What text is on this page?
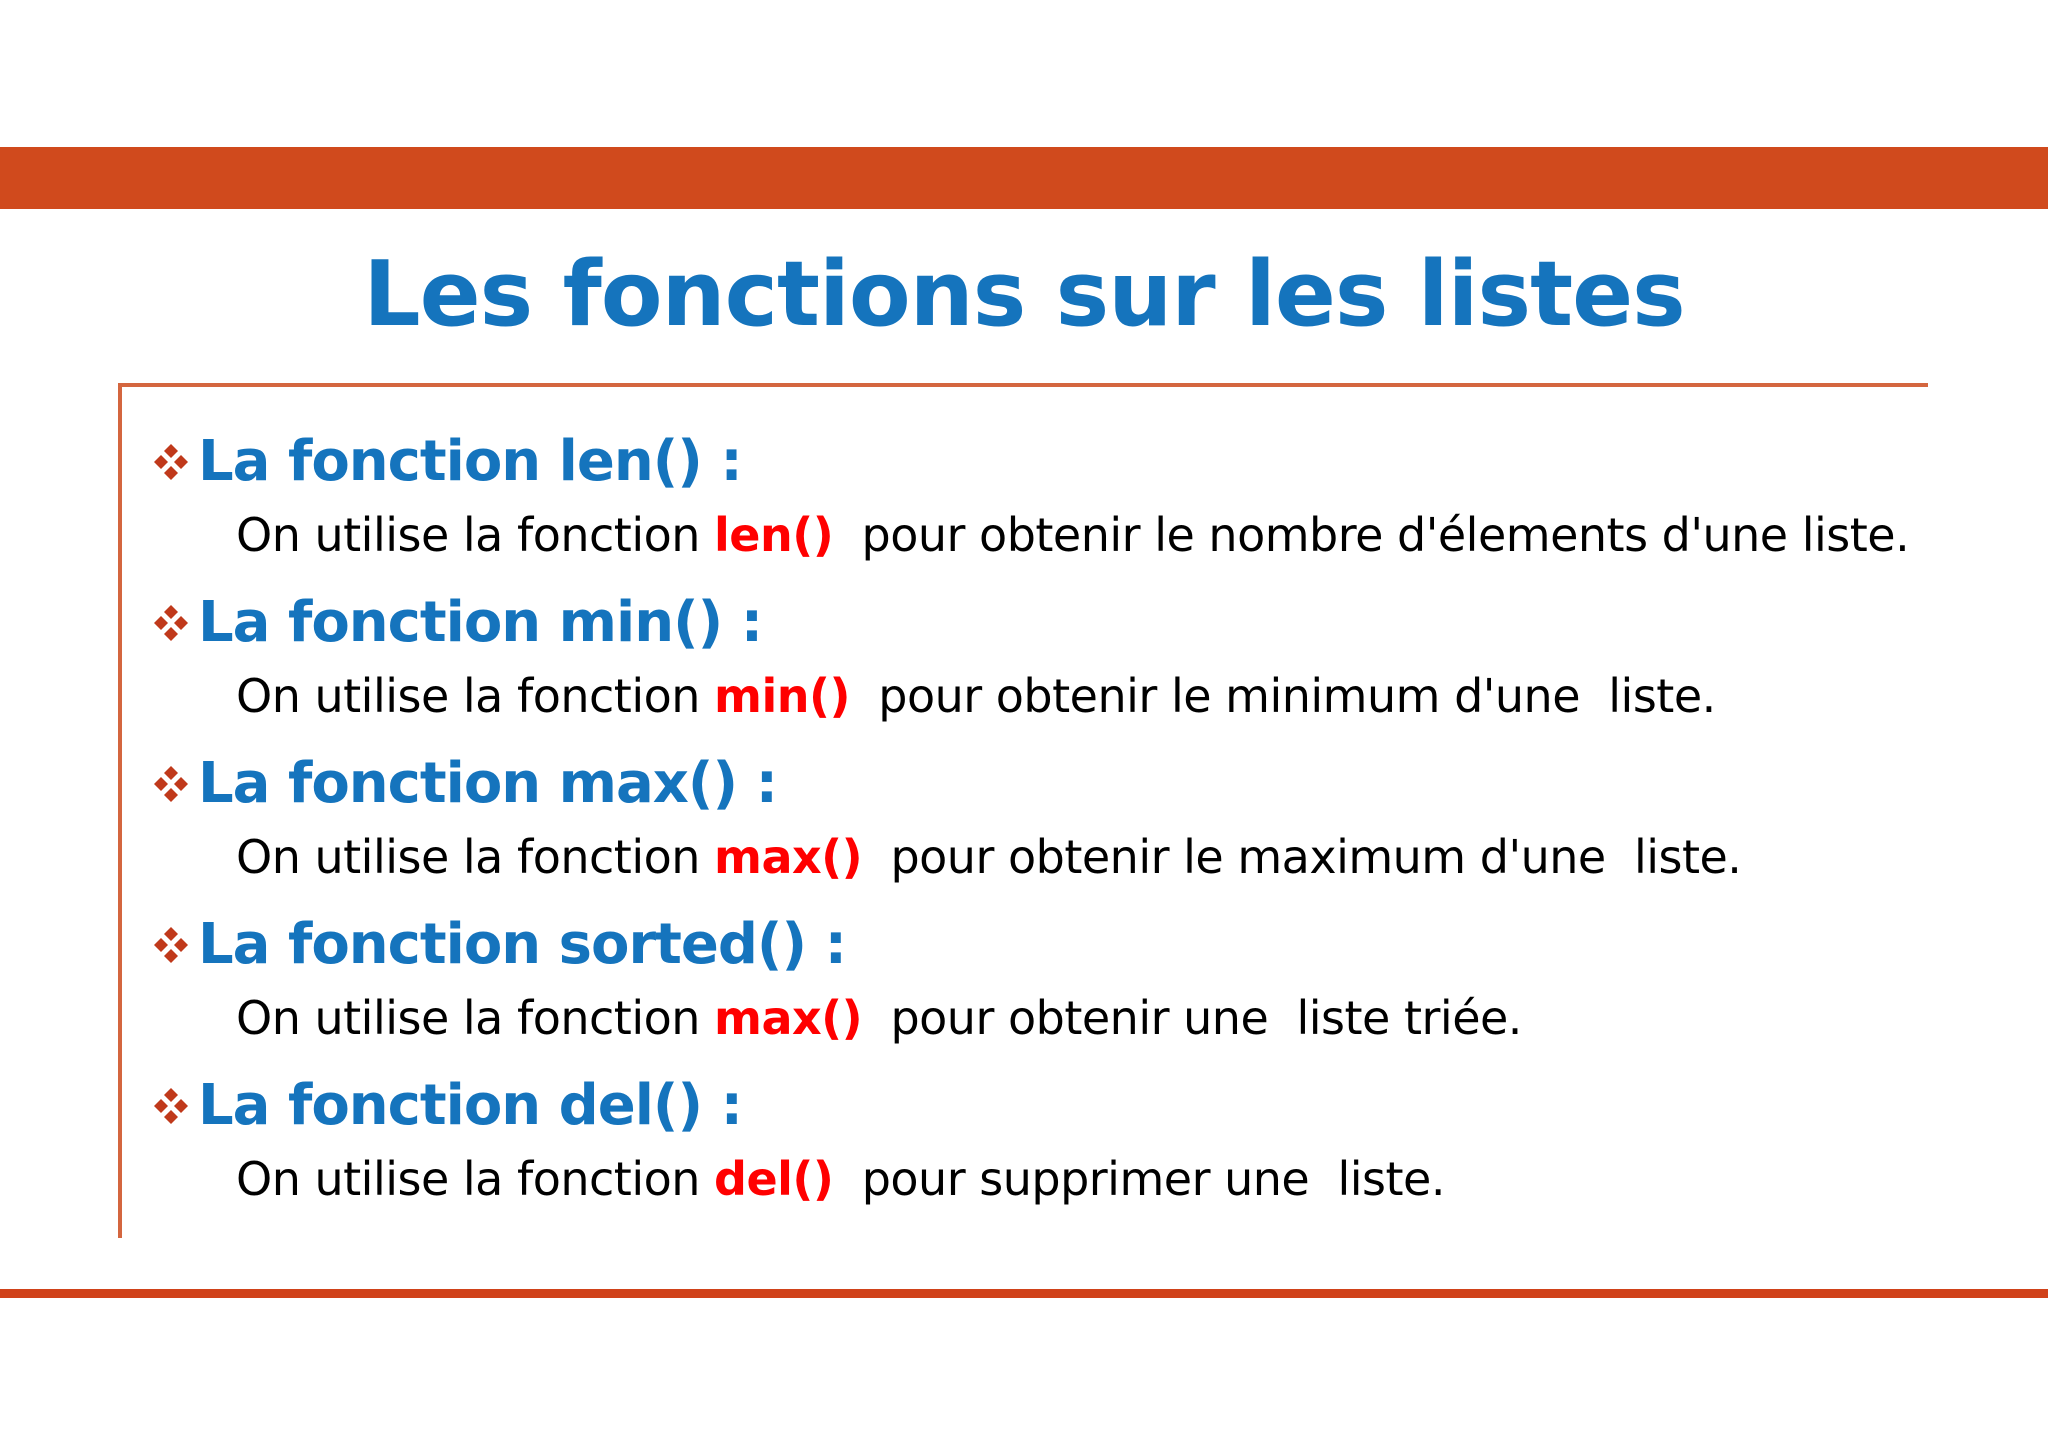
Les fonctions sur les listes
La fonction len() :
On utilise la fonction len()  pour obtenir le nombre d'élements d'une liste.
La fonction min() :
On utilise la fonction min()  pour obtenir le minimum d'une  liste.
La fonction max() :
On utilise la fonction max()  pour obtenir le maximum d'une  liste.
La fonction sorted() :
On utilise la fonction max()  pour obtenir une  liste triée.
La fonction del() :
On utilise la fonction del()  pour supprimer une  liste.
